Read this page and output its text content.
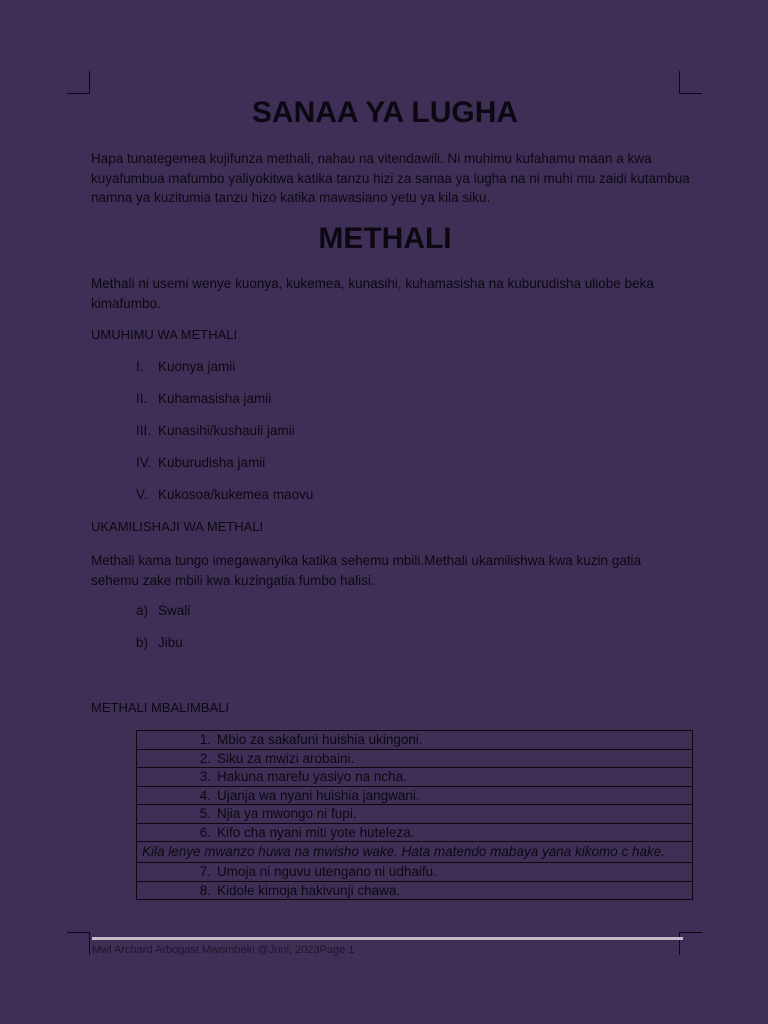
SANAA YA LUGHA
Hapa tunategemea kujifunza methali, nahau na vitendawili. Ni muhimu kufahamu maan a kwa kuyafumbua mafumbo yaliyokitwa katika tanzu hizi za sanaa ya lugha na ni muhi mu zaidi kutambua namna ya kuzitumia tanzu hizo katika mawasiano yetu ya kila siku.
METHALI
Methali ni usemi wenye kuonya, kukemea, kunasihi, kuhamasisha na kuburudisha uliobe beka kimafumbo.
UMUHIMU WA METHALI
I. Kuonya jamii
II. Kuhamasisha jamii
III. Kunasihi/kushauli jamii
IV. Kuburudisha jamii
V. Kukosoa/kukemea maovu
UKAMILISHAJI WA METHALI
Methali kama tungo imegawanyika katika sehemu mbili.Methali ukamilishwa kwa kuzin gatia sehemu zake mbili kwa kuzingatia fumbo halisi.
a) Swali
b) Jibu
METHALI MBALIMBALI
1. Mbio za sakafuni huishia ukingoni.
2. Siku za mwizi arobaini.
3. Hakuna marefu yasiyo na ncha.
4. Ujanja wa nyani huishia jangwani.
5. Njia ya mwongo ni fupi.
6. Kifo cha nyani miti yote huteleza.
Kila lenye mwanzo huwa na mwisho wake. Hata matendo mabaya yana kikomo c hake.
7. Umoja ni nguvu utengano ni udhaifu.
8. Kidole kimoja hakivunji chawa.
Mwl Archard Arbogast Mwombeki @Juni, 2023Page 1
